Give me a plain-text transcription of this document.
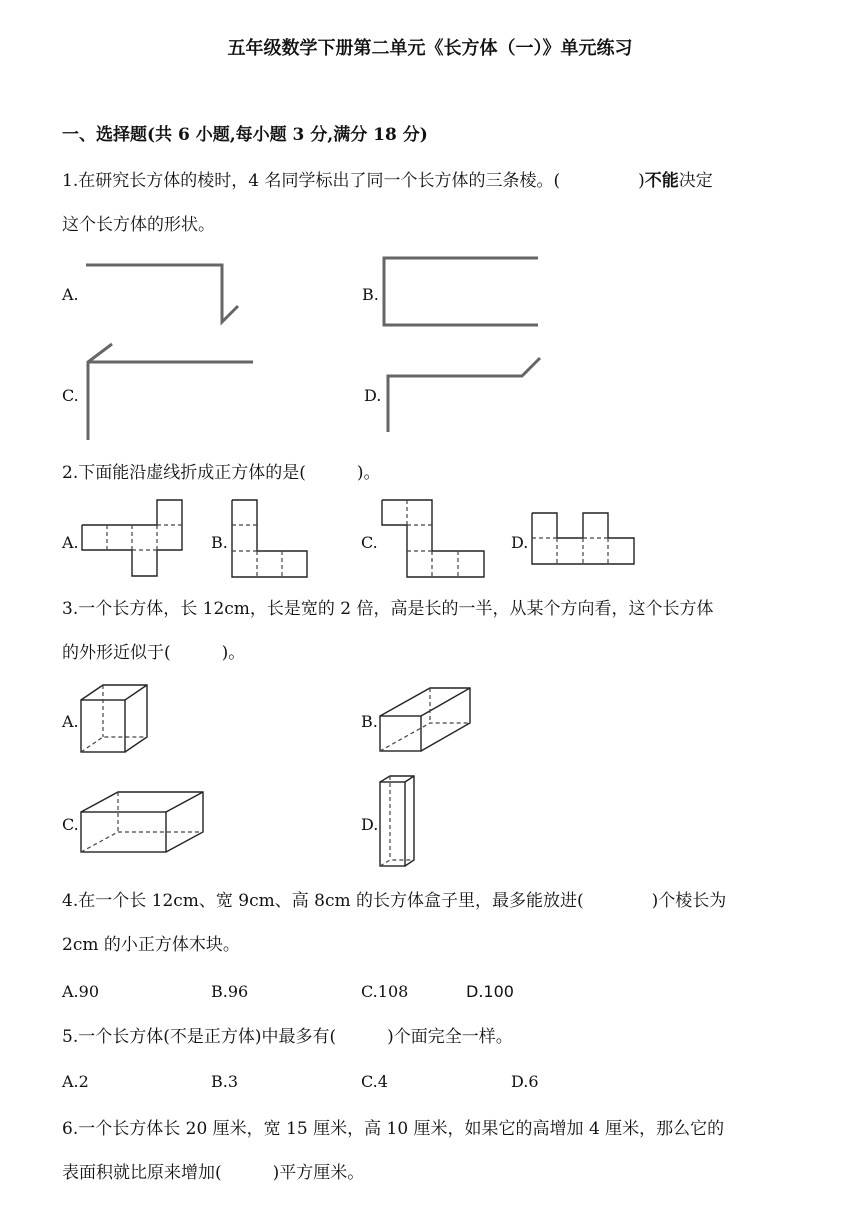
五年级数学下册第二单元《长方体（一）》单元练习
一、选择题(共 6 小题,每小题 3 分,满分 18 分)
1.在研究长方体的棱时，4 名同学标出了同一个长方体的三条棱。(	)不能决定
这个长方体的形状。
A.	B.
C.	D.
2.下面能沿虚线折成正方体的是(　　　)。
A.	B.	C.	D.
3.一个长方体，长 12cm，长是宽的 2 倍，高是长的一半，从某个方向看，这个长方体
的外形近似于(　　　)。
A.	B.
C.	D.
4.在一个长 12cm、宽 9cm、高 8cm 的长方体盒子里，最多能放进(　　　　)个棱长为
2cm 的小正方体木块。
A.90	B.96	C.108	D.100
5.一个长方体(不是正方体)中最多有(　　　)个面完全一样。
A.2	B.3	C.4	D.6
6.一个长方体长 20 厘米，宽 15 厘米，高 10 厘米，如果它的高增加 4 厘米，那么它的
表面积就比原来增加(　　　)平方厘米。
